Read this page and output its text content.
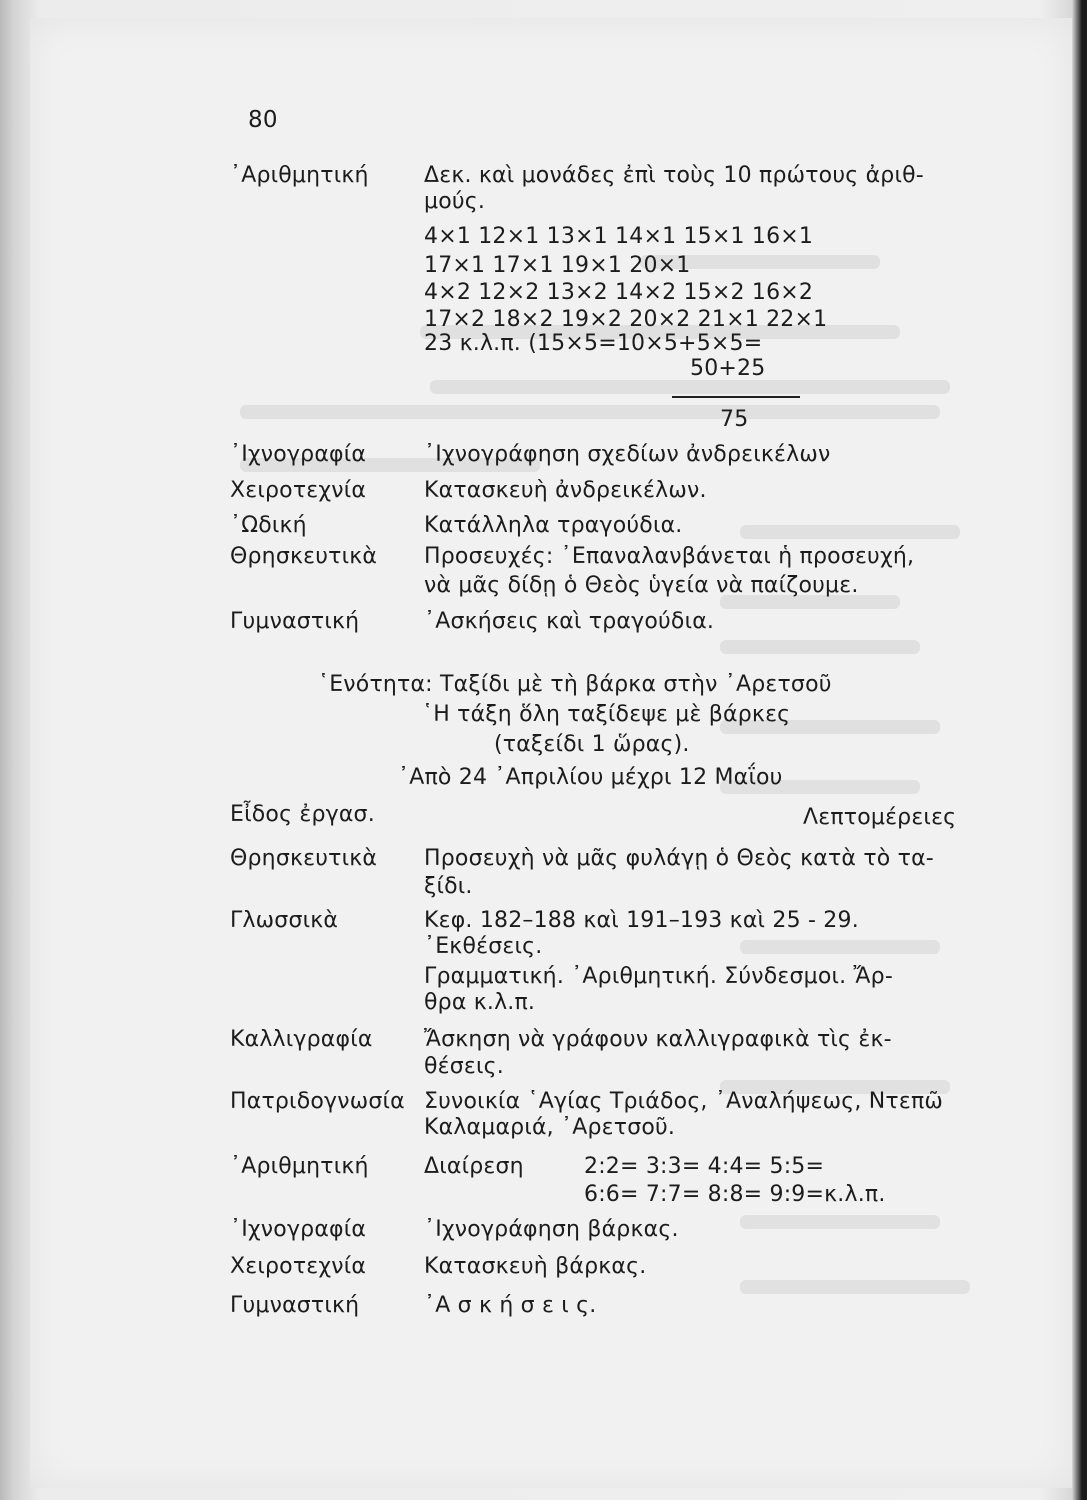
80
᾿Αριθμητική	Δεκ. καὶ μονάδες ἐπὶ τοὺς 10 πρώτους ἀριθ-
μούς.
4×1 12×1 13×1 14×1 15×1 16×1
17×1 17×1 19×1 20×1
4×2 12×2 13×2 14×2 15×2 16×2
17×2 18×2 19×2 20×2 21×1 22×1
23 κ.λ.π. (15×5=10×5+5×5=
50+25
75
᾿Ιχνογραφία	᾿Ιχνογράφηση σχεδίων ἀνδρεικέλων
Χειροτεχνία	Κατασκευὴ ἀνδρεικέλων.
᾿Ωδική	Κατάλληλα τραγούδια.
Θρησκευτικὰ Προσευχές: ᾿Επαναλανβάνεται ἡ προσευχή,
νὰ μᾶς δίδῃ ὁ Θεὸς ὑγεία νὰ παίζουμε.
Γυμναστική	᾿Ασκήσεις καὶ τραγούδια.
῾Ενότητα: Ταξίδι μὲ τὴ βάρκα στὴν ᾿Αρετσοῦ
῾Η τάξη ὅλη ταξίδεψε μὲ βάρκες
(ταξείδι 1 ὥρας).
᾿Απὸ 24 ᾿Απριλίου μέχρι 12 Μαΐου
Εἶδος ἐργασ.	Λεπτομέρειες
Θρησκευτικὰ Προσευχὴ νὰ μᾶς φυλάγῃ ὁ Θεὸς κατὰ τὸ τα-
ξίδι.
Γλωσσικὰ	Κεφ. 182–188 καὶ 191–193 καὶ 25 - 29.
᾿Εκθέσεις.
Γραμματική. ᾿Αριθμητική. Σύνδεσμοι. Ἄρ-
θρα κ.λ.π.
Καλλιγραφία Ἄσκηση νὰ γράφουν καλλιγραφικὰ τὶς ἐκ-
θέσεις.
Πατριδογνωσία Συνοικία ῾Αγίας Τριάδος, ᾿Αναλήψεως, Ντεπῶ
Καλαμαριά, ᾿Αρετσοῦ.
᾿Αριθμητική	Διαίρεση	2:2= 3:3= 4:4= 5:5=
6:6= 7:7= 8:8= 9:9=κ.λ.π.
᾿Ιχνογραφία	᾿Ιχνογράφηση βάρκας.
Χειροτεχνία	Κατασκευὴ βάρκας.
Γυμναστική	᾿Α σ κ ή σ ε ι ς.
